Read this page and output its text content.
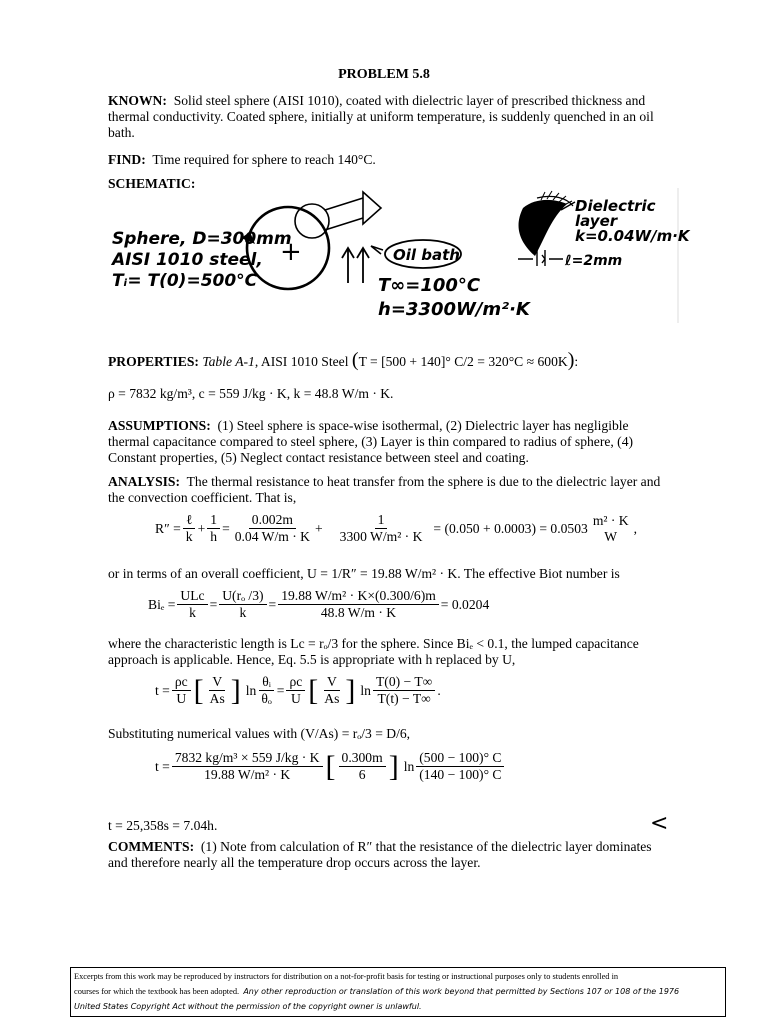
PROBLEM 5.8
KNOWN: Solid steel sphere (AISI 1010), coated with dielectric layer of prescribed thickness and
thermal conductivity. Coated sphere, initially at uniform temperature, is suddenly quenched in an oil
bath.
FIND: Time required for sphere to reach 140°C.
SCHEMATIC:
+
Sphere, D=300mm
AISI 1010 steel,
Tᵢ= T(0)=500°C
Oil bath
T∞=100°C
h=3300W/m²·K
Dielectric
layer
k=0.04W/m·K
ℓ=2mm
PROPERTIES: Table A-1, AISI 1010 Steel (T = [500 + 140]° C/2 = 320°C ≈ 600K):
ρ = 7832 kg/m³, c = 559 J/kg · K, k = 48.8 W/m · K.
ASSUMPTIONS: (1) Steel sphere is space-wise isothermal, (2) Dielectric layer has negligible
thermal capacitance compared to steel sphere, (3) Layer is thin compared to radius of sphere, (4)
Constant properties, (5) Neglect contact resistance between steel and coating.
ANALYSIS: The thermal resistance to heat transfer from the sphere is due to the dielectric layer and
the convection coefficient. That is,
$R'' = \frac{\text{ℓ}}{k} + \frac{1}{h} = \frac{0.002m}{0.04 W/m \cdot K} + \frac{1}{\text{3300 W/m² · K}} = (0.050 + 0.0003) = 0.0503$
m² · K
W
,
or in terms of an overall coefficient, U = 1/R″ = 19.88 W/m² · K. The effective Biot number is
$Bi_e = \frac{\text{ULc}}{k} = \frac{\text{U(rₒ /3)}}{k} = \frac{\text{19.88 W/m² · K×(0.300/6)m}}{48.8 W/m \cdot K} = 0.0204$
where the characteristic length is Lc = rₒ/3 for the sphere. Since Biₑ < 0.1, the lumped capacitance
approach is applicable. Hence, Eq. 5.5 is appropriate with h replaced by U,
$t = \frac{\rho c}{U}$ [ $\frac{V}{As}$ ] $\ln \frac{\text{θᵢ}}{\text{θₒ}} = \frac{\rho c}{U}$ [ $\frac{V}{As}$ ] $\ln \frac{T(0) - T\infty}{T(t) - T\infty}$ .
Substituting numerical values with (V/As) = rₒ/3 = D/6,
$t = \frac{\text{7832 kg/m³ × 559 J/kg · K}}{\text{19.88 W/m² · K}}$ [ $\frac{0.300m}{6}$ ] $\ln \frac{(500 - 100)^\circ C}{(140 - 100)^\circ C}$
t = 25,358s = 7.04h.	<
COMMENTS: (1) Note from calculation of R″ that the resistance of the dielectric layer dominates
and therefore nearly all the temperature drop occurs across the layer.
Excerpts from this work may be reproduced by instructors for distribution on a not-for-profit basis for testing or instructional purposes only to students enrolled in
courses for which the textbook has been adopted. Any other reproduction or translation of this work beyond that permitted by Sections 107 or 108 of the 1976
United States Copyright Act without the permission of the copyright owner is unlawful.
